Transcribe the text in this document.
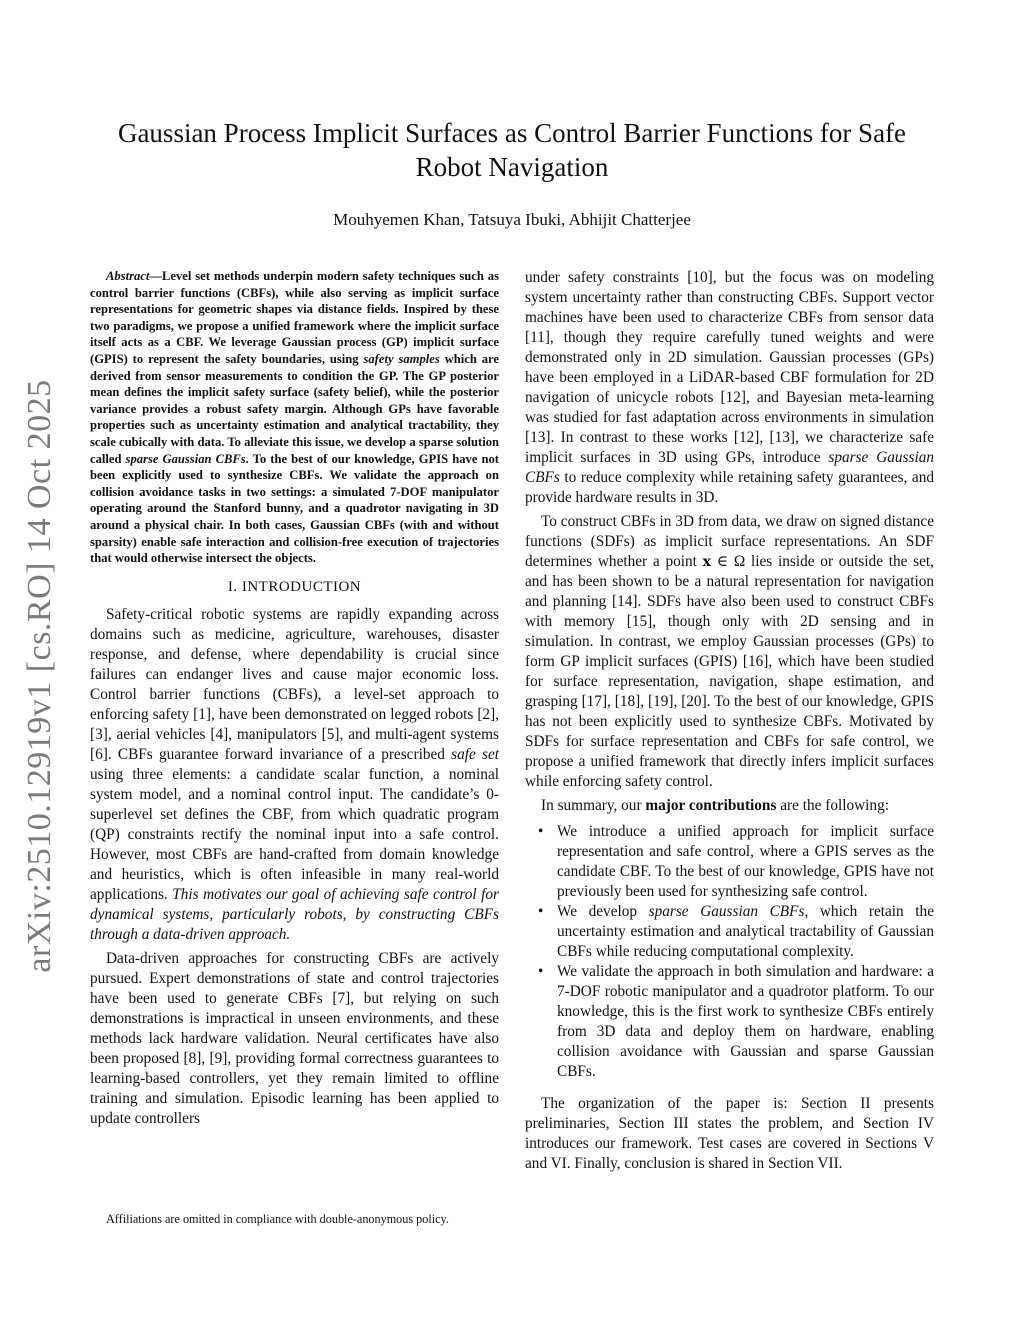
arXiv:2510.12919v1 [cs.RO] 14 Oct 2025
Gaussian Process Implicit Surfaces as Control Barrier Functions for Safe Robot Navigation
Mouhyemen Khan, Tatsuya Ibuki, Abhijit Chatterjee

Abstract—Level set methods underpin modern safety techniques such as control barrier functions (CBFs), while also serving as implicit surface representations for geometric shapes via distance fields. Inspired by these two paradigms, we propose a unified framework where the implicit surface itself acts as a CBF. We leverage Gaussian process (GP) implicit surface (GPIS) to represent the safety boundaries, using safety samples which are derived from sensor measurements to condition the GP. The GP posterior mean defines the implicit safety surface (safety belief), while the posterior variance provides a robust safety margin. Although GPs have favorable properties such as uncertainty estimation and analytical tractability, they scale cubically with data. To alleviate this issue, we develop a sparse solution called sparse Gaussian CBFs. To the best of our knowledge, GPIS have not been explicitly used to synthesize CBFs. We validate the approach on collision avoidance tasks in two settings: a simulated 7-DOF manipulator operating around the Stanford bunny, and a quadrotor navigating in 3D around a physical chair. In both cases, Gaussian CBFs (with and without sparsity) enable safe interaction and collision-free execution of trajectories that would otherwise intersect the objects.

I. INTRODUCTION

Safety-critical robotic systems are rapidly expanding across domains such as medicine, agriculture, warehouses, disaster response, and defense, where dependability is crucial since failures can endanger lives and cause major economic loss. Control barrier functions (CBFs), a level-set approach to enforcing safety [1], have been demonstrated on legged robots [2], [3], aerial vehicles [4], manipulators [5], and multi-agent systems [6]. CBFs guarantee forward invariance of a prescribed safe set using three elements: a candidate scalar function, a nominal system model, and a nominal control input. The candidate’s 0-superlevel set defines the CBF, from which quadratic program (QP) constraints rectify the nominal input into a safe control. However, most CBFs are hand-crafted from domain knowledge and heuristics, which is often infeasible in many real-world applications. This motivates our goal of achieving safe control for dynamical systems, particularly robots, by constructing CBFs through a data-driven approach.

Data-driven approaches for constructing CBFs are actively pursued. Expert demonstrations of state and control trajectories have been used to generate CBFs [7], but relying on such demonstrations is impractical in unseen environments, and these methods lack hardware validation. Neural certificates have also been proposed [8], [9], providing formal correctness guarantees to learning-based controllers, yet they remain limited to offline training and simulation. Episodic learning has been applied to update controllers

under safety constraints [10], but the focus was on modeling system uncertainty rather than constructing CBFs. Support vector machines have been used to characterize CBFs from sensor data [11], though they require carefully tuned weights and were demonstrated only in 2D simulation. Gaussian processes (GPs) have been employed in a LiDAR-based CBF formulation for 2D navigation of unicycle robots [12], and Bayesian meta-learning was studied for fast adaptation across environments in simulation [13]. In contrast to these works [12], [13], we characterize safe implicit surfaces in 3D using GPs, introduce sparse Gaussian CBFs to reduce complexity while retaining safety guarantees, and provide hardware results in 3D.

To construct CBFs in 3D from data, we draw on signed distance functions (SDFs) as implicit surface representations. An SDF determines whether a point x ∈ Ω lies inside or outside the set, and has been shown to be a natural representation for navigation and planning [14]. SDFs have also been used to construct CBFs with memory [15], though only with 2D sensing and in simulation. In contrast, we employ Gaussian processes (GPs) to form GP implicit surfaces (GPIS) [16], which have been studied for surface representation, navigation, shape estimation, and grasping [17], [18], [19], [20]. To the best of our knowledge, GPIS has not been explicitly used to synthesize CBFs. Motivated by SDFs for surface representation and CBFs for safe control, we propose a unified framework that directly infers implicit surfaces while enforcing safety control.

In summary, our major contributions are the following:

• We introduce a unified approach for implicit surface representation and safe control, where a GPIS serves as the candidate CBF. To the best of our knowledge, GPIS have not previously been used for synthesizing safe control.
• We develop sparse Gaussian CBFs, which retain the uncertainty estimation and analytical tractability of Gaussian CBFs while reducing computational complexity.
• We validate the approach in both simulation and hardware: a 7-DOF robotic manipulator and a quadrotor platform. To our knowledge, this is the first work to synthesize CBFs entirely from 3D data and deploy them on hardware, enabling collision avoidance with Gaussian and sparse Gaussian CBFs.

The organization of the paper is: Section II presents preliminaries, Section III states the problem, and Section IV introduces our framework. Test cases are covered in Sections V and VI. Finally, conclusion is shared in Section VII.

Affiliations are omitted in compliance with double-anonymous policy.
